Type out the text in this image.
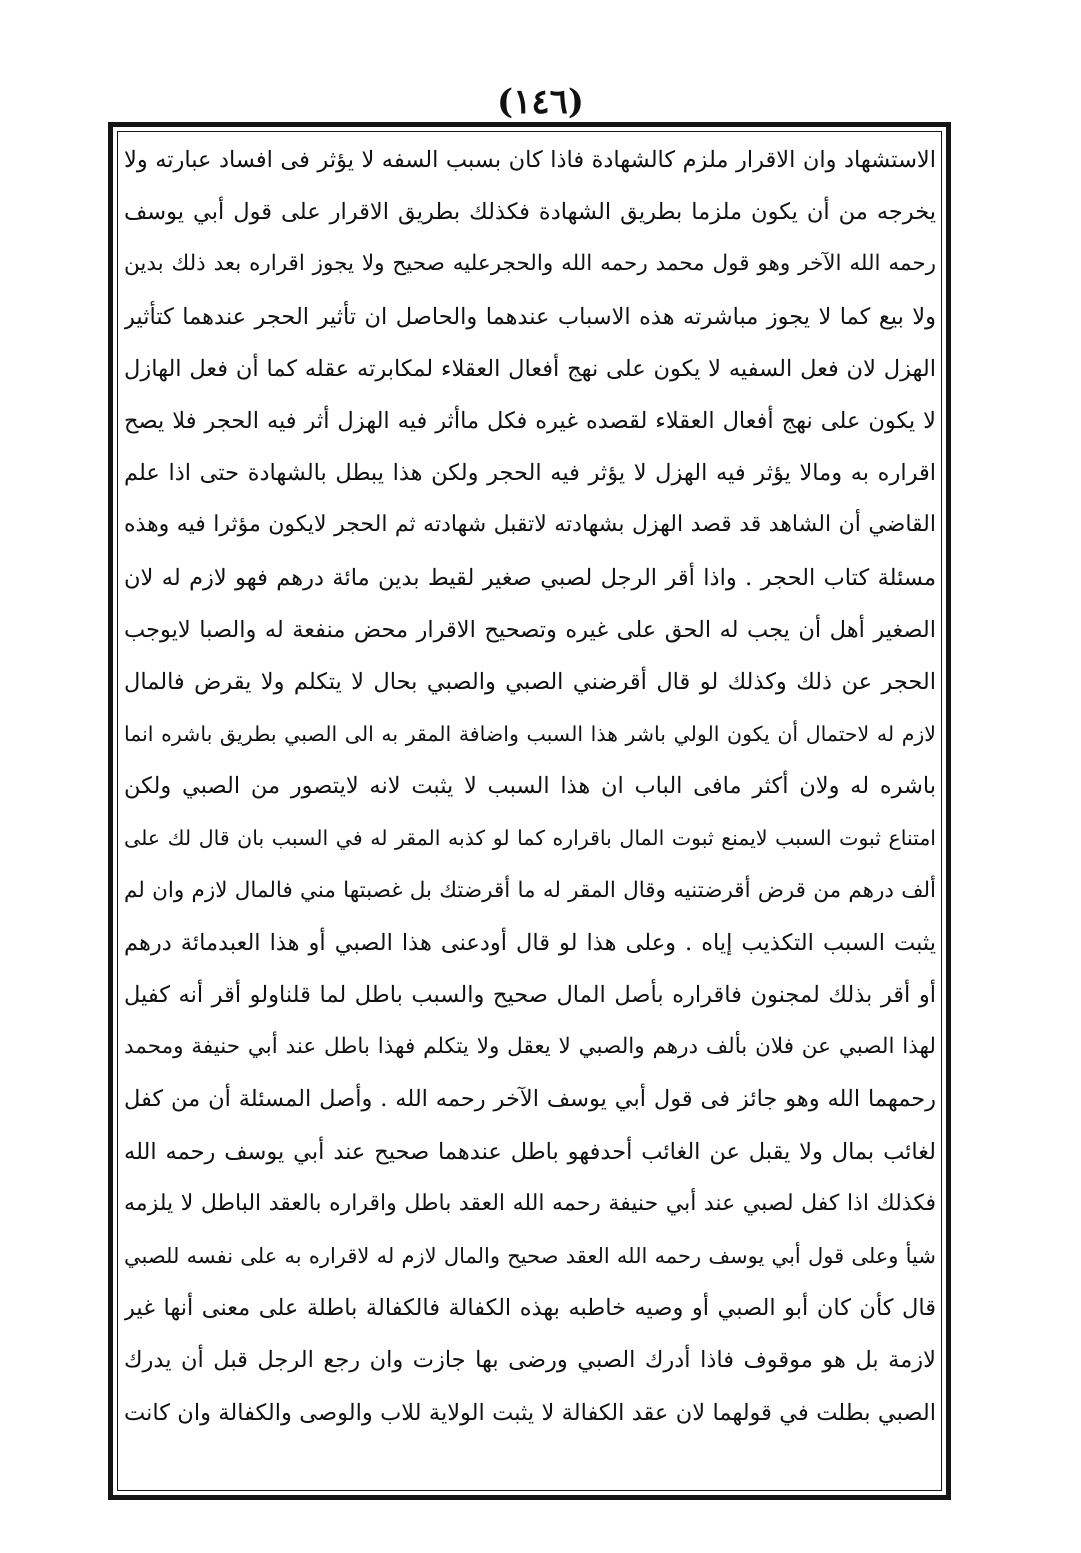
(١٤٦)
الاستشهاد وان الاقرار ملزم كالشهادة فاذا كان بسبب السفه لا يؤثر فى افساد عبارته ولا
يخرجه من أن يكون ملزما بطريق الشهادة فكذلك بطريق الاقرار على قول أبي يوسف
رحمه الله الآخر وهو قول محمد رحمه الله والحجرعليه صحيح ولا يجوز اقراره بعد ذلك بدين
ولا بيع كما لا يجوز مباشرته هذه الاسباب عندهما والحاصل ان تأثير الحجر عندهما كتأثير
الهزل لان فعل السفيه لا يكون على نهج أفعال العقلاء لمكابرته عقله كما أن فعل الهازل
لا يكون على نهج أفعال العقلاء لقصده غيره فكل ماأثر فيه الهزل أثر فيه الحجر فلا يصح
اقراره به ومالا يؤثر فيه الهزل لا يؤثر فيه الحجر ولكن هذا يبطل بالشهادة حتى اذا علم
القاضي أن الشاهد قد قصد الهزل بشهادته لاتقبل شهادته ثم الحجر لايكون مؤثرا فيه وهذه
مسئلة كتاب الحجر . واذا أقر الرجل لصبي صغير لقيط بدين مائة درهم فهو لازم له لان
الصغير أهل أن يجب له الحق على غيره وتصحيح الاقرار محض منفعة له والصبا لايوجب
الحجر عن ذلك وكذلك لو قال أقرضني الصبي والصبي بحال لا يتكلم ولا يقرض فالمال
لازم له لاحتمال أن يكون الولي باشر هذا السبب واضافة المقر به الى الصبي بطريق باشره انما
باشره له ولان أكثر مافى الباب ان هذا السبب لا يثبت لانه لايتصور من الصبي ولكن
امتناع ثبوت السبب لايمنع ثبوت المال باقراره كما لو كذبه المقر له في السبب بان قال لك على
ألف درهم من قرض أقرضتنيه وقال المقر له ما أقرضتك بل غصبتها مني فالمال لازم وان لم
يثبت السبب التكذيب إياه . وعلى هذا لو قال أودعنى هذا الصبي أو هذا العبدمائة درهم
أو أقر بذلك لمجنون فاقراره بأصل المال صحيح والسبب باطل لما قلناولو أقر أنه كفيل
لهذا الصبي عن فلان بألف درهم والصبي لا يعقل ولا يتكلم فهذا باطل عند أبي حنيفة ومحمد
رحمهما الله وهو جائز فى قول أبي يوسف الآخر رحمه الله . وأصل المسئلة أن من كفل
لغائب بمال ولا يقبل عن الغائب أحدفهو باطل عندهما صحيح عند أبي يوسف رحمه الله
فكذلك اذا كفل لصبي عند أبي حنيفة رحمه الله العقد باطل واقراره بالعقد الباطل لا يلزمه
شيأ وعلى قول أبي يوسف رحمه الله العقد صحيح والمال لازم له لاقراره به على نفسه للصبي
قال كأن كان أبو الصبي أو وصيه خاطبه بهذه الكفالة فالكفالة باطلة على معنى أنها غير
لازمة بل هو موقوف فاذا أدرك الصبي ورضى بها جازت وان رجع الرجل قبل أن يدرك
الصبي بطلت في قولهما لان عقد الكفالة لا يثبت الولاية للاب والوصى والكفالة وان كانت
